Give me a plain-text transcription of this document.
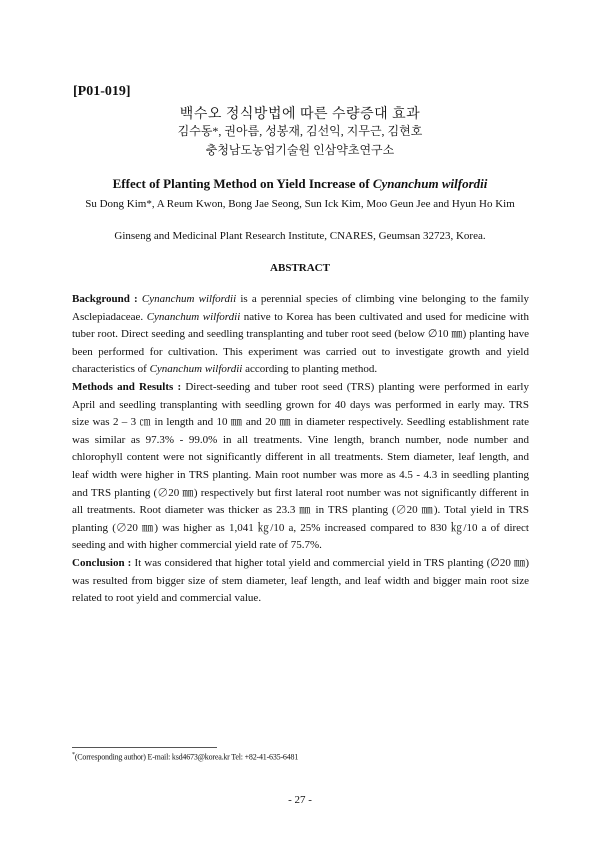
[P01-019]
백수오 정식방법에 따른 수량증대 효과
김수동*, 권아름, 성봉재, 김선익, 지무근, 김현호
충청남도농업기술원 인삼약초연구소
Effect of Planting Method on Yield Increase of Cynanchum wilfordii
Su Dong Kim*, A Reum Kwon, Bong Jae Seong, Sun Ick Kim, Moo Geun Jee and Hyun Ho Kim
Ginseng and Medicinal Plant Research Institute, CNARES, Geumsan 32723, Korea.
ABSTRACT

Background : Cynanchum wilfordii is a perennial species of climbing vine belonging to the family Asclepiadaceae. Cynanchum wilfordii native to Korea has been cultivated and used for medicine with tuber root. Direct seeding and seedling transplanting and tuber root seed (below ∅10 ㎜) planting have been performed for cultivation. This experiment was carried out to investigate growth and yield characteristics of Cynanchum wilfordii according to planting method.

Methods and Results : Direct-seeding and tuber root seed (TRS) planting were performed in early April and seedling transplanting with seedling grown for 40 days was performed in early may. TRS size was 2 – 3 ㎝ in length and 10 ㎜ and 20 ㎜ in diameter respectively. Seedling establishment rate was similar as 97.3% - 99.0% in all treatments. Vine length, branch number, node number and chlorophyll content were not significantly different in all treatments. Stem diameter, leaf length, and leaf width were higher in TRS planting. Main root number was more as 4.5 - 4.3 in seedling planting and TRS planting (∅20 ㎜) respectively but first lateral root number was not significantly different in all treatments. Root diameter was thicker as 23.3 ㎜ in TRS planting (∅20 ㎜). Total yield in TRS planting (∅20 ㎜) was higher as 1,041 ㎏/10 a, 25% increased compared to 830 ㎏/10 a of direct seeding and with higher commercial yield rate of 75.7%.

Conclusion : It was considered that higher total yield and commercial yield in TRS planting (∅20 ㎜) was resulted from bigger size of stem diameter, leaf length, and leaf width and bigger main root size related to root yield and commercial value.

*(Corresponding author) E-mail: ksd4673@korea.kr Tel: +82-41-635-6481
- 27 -
